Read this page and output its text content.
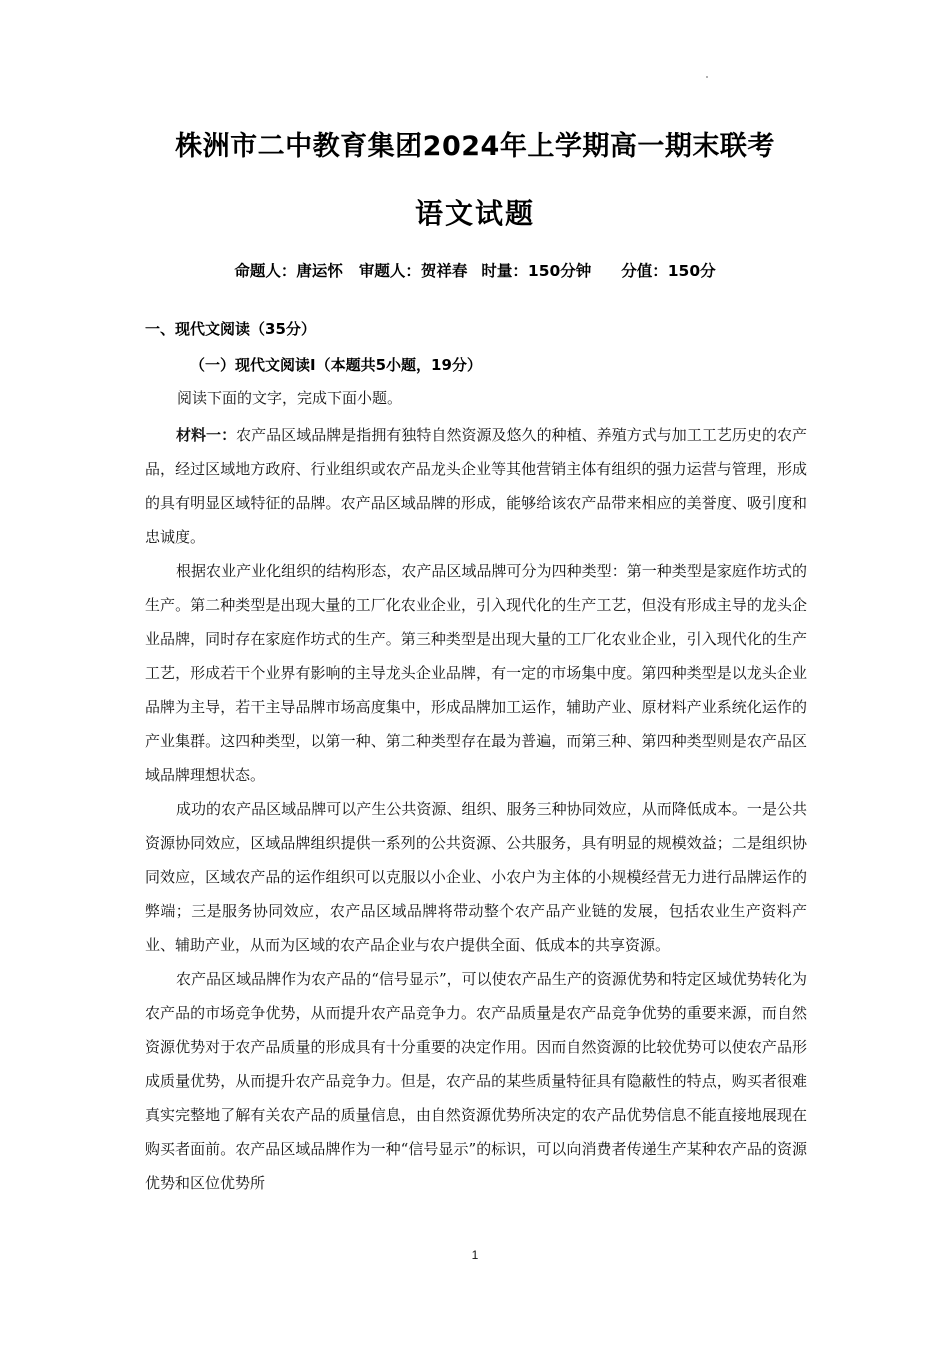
株洲市二中教育集团2024年上学期高一期末联考
语文试题
命题人：唐运怀 审题人：贺祥春 时量：150分钟 分值：150分
一、现代文阅读（35分）
（一）现代文阅读Ⅰ（本题共5小题，19分）
阅读下面的文字，完成下面小题。

材料一：农产品区域品牌是指拥有独特自然资源及悠久的种植、养殖方式与加工工艺历史的农产品，经过区域地方政府、行业组织或农产品龙头企业等其他营销主体有组织的强力运营与管理，形成的具有明显区域特征的品牌。农产品区域品牌的形成，能够给该农产品带来相应的美誉度、吸引度和忠诚度。

根据农业产业化组织的结构形态，农产品区域品牌可分为四种类型：第一种类型是家庭作坊式的生产。第二种类型是出现大量的工厂化农业企业，引入现代化的生产工艺，但没有形成主导的龙头企业品牌，同时存在家庭作坊式的生产。第三种类型是出现大量的工厂化农业企业，引入现代化的生产工艺，形成若干个业界有影响的主导龙头企业品牌，有一定的市场集中度。第四种类型是以龙头企业品牌为主导，若干主导品牌市场高度集中，形成品牌加工运作，辅助产业、原材料产业系统化运作的产业集群。这四种类型，以第一种、第二种类型存在最为普遍，而第三种、第四种类型则是农产品区域品牌理想状态。

成功的农产品区域品牌可以产生公共资源、组织、服务三种协同效应，从而降低成本。一是公共资源协同效应，区域品牌组织提供一系列的公共资源、公共服务，具有明显的规模效益；二是组织协同效应，区域农产品的运作组织可以克服以小企业、小农户为主体的小规模经营无力进行品牌运作的弊端；三是服务协同效应，农产品区域品牌将带动整个农产品产业链的发展，包括农业生产资料产业、辅助产业，从而为区域的农产品企业与农户提供全面、低成本的共享资源。

农产品区域品牌作为农产品的“信号显示”，可以使农产品生产的资源优势和特定区域优势转化为农产品的市场竞争优势，从而提升农产品竞争力。农产品质量是农产品竞争优势的重要来源，而自然资源优势对于农产品质量的形成具有十分重要的决定作用。因而自然资源的比较优势可以使农产品形成质量优势，从而提升农产品竞争力。但是，农产品的某些质量特征具有隐蔽性的特点，购买者很难真实完整地了解有关农产品的质量信息，由自然资源优势所决定的农产品优势信息不能直接地展现在购买者面前。农产品区域品牌作为一种“信号显示”的标识，可以向消费者传递生产某种农产品的资源优势和区位优势所

1
